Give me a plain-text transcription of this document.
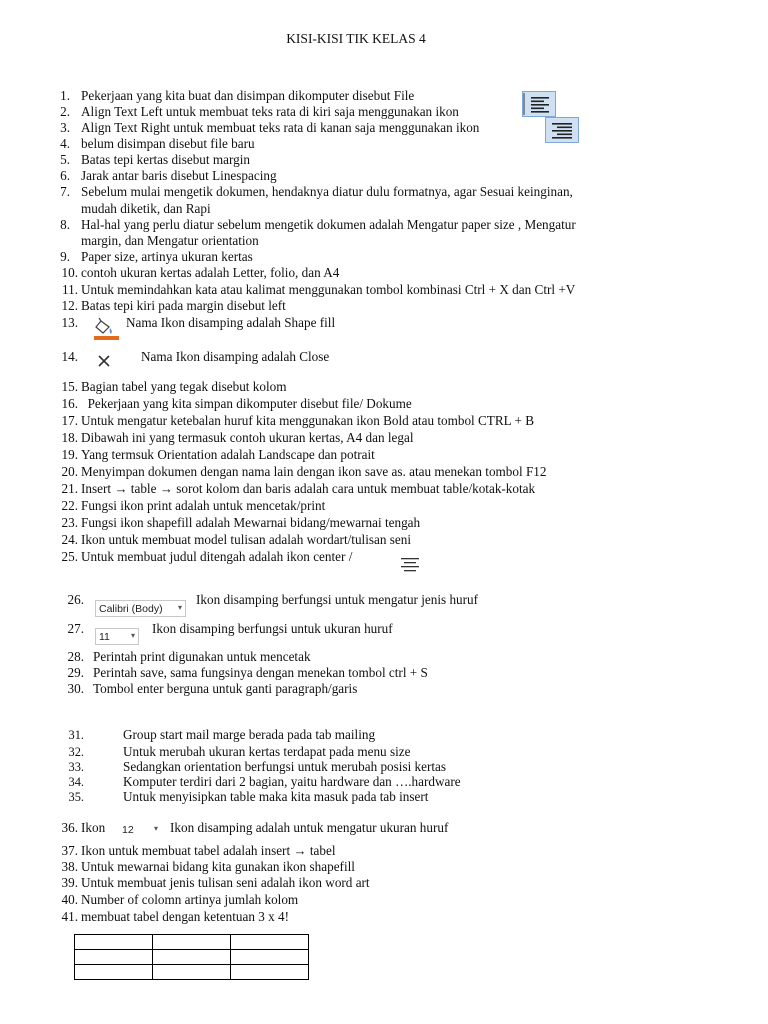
KISI-KISI TIK KELAS 4
1. Pekerjaan yang kita buat dan disimpan dikomputer disebut File
2. Align Text Left untuk membuat teks rata di kiri saja menggunakan ikon
3. Align Text Right untuk membuat teks rata di kanan saja menggunakan ikon
4. belum disimpan disebut file baru
5. Batas tepi kertas disebut margin
6. Jarak antar baris disebut Linespacing
7. Sebelum mulai mengetik dokumen, hendaknya diatur dulu formatnya, agar Sesuai keinginan,
mudah diketik, dan Rapi
8. Hal-hal yang perlu diatur sebelum mengetik dokumen adalah Mengatur paper size , Mengatur
margin, dan Mengatur orientation
9. Paper size, artinya ukuran kertas
10. contoh ukuran kertas adalah Letter, folio, dan A4
11. Untuk memindahkan kata atau kalimat menggunakan tombol kombinasi Ctrl + X dan Ctrl +V
12. Batas tepi kiri pada margin disebut left
13.	Nama Ikon disamping adalah Shape fill
14.	Nama Ikon disamping adalah Close
15. Bagian tabel yang tegak disebut kolom
16. Pekerjaan yang kita simpan dikomputer disebut file/ Dokume
17. Untuk mengatur ketebalan huruf kita menggunakan ikon Bold atau tombol CTRL + B
18. Dibawah ini yang termasuk contoh ukuran kertas, A4 dan legal
19. Yang termsuk Orientation adalah Landscape dan potrait
20. Menyimpan dokumen dengan nama lain dengan ikon save as. atau menekan tombol F12
21. Insert → table → sorot kolom dan baris adalah cara untuk membuat table/kotak-kotak
22. Fungsi ikon print adalah untuk mencetak/print
23. Fungsi ikon shapefill adalah Mewarnai bidang/mewarnai tengah
24. Ikon untuk membuat model tulisan adalah wordart/tulisan seni
25. Untuk membuat judul ditengah adalah ikon center /
26.	Ikon disamping berfungsi untuk mengatur jenis huruf
Calibri (Body) ▾
27.	Ikon disamping berfungsi untuk ukuran huruf
11	▾
28. Perintah print digunakan untuk mencetak
29. Perintah save, sama fungsinya dengan menekan tombol ctrl + S
30. Tombol enter berguna untuk ganti paragraph/garis
31.	Group start mail marge berada pada tab mailing
32.	Untuk merubah ukuran kertas terdapat pada menu size
33.	Sedangkan orientation berfungsi untuk merubah posisi kertas
34.	Komputer terdiri dari 2 bagian, yaitu hardware dan ….hardware
35.	Untuk menyisipkan table maka kita masuk pada tab insert
36. Ikon	Ikon disamping adalah untuk mengatur ukuran huruf
12	▾
37. Ikon untuk membuat tabel adalah insert → tabel
38. Untuk mewarnai bidang kita gunakan ikon shapefill
39. Untuk membuat jenis tulisan seni adalah ikon word art
40. Number of colomn artinya jumlah kolom
41. membuat tabel dengan ketentuan 3 x 4!
